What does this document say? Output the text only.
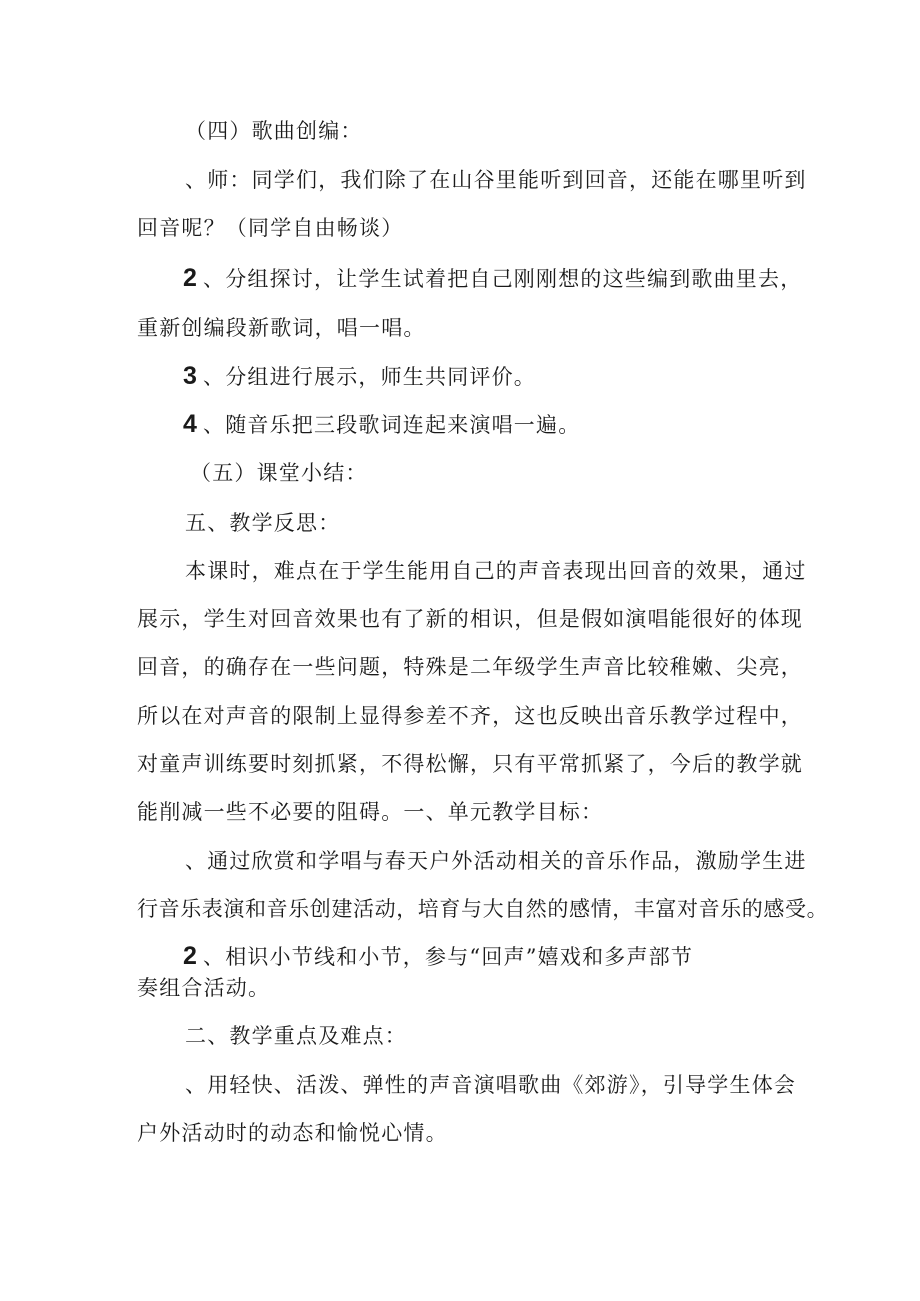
（四）歌曲创编：
、师：同学们，我们除了在山谷里能听到回音，还能在哪里听到
回音呢？（同学自由畅谈）
2 、分组探讨，让学生试着把自己刚刚想的这些编到歌曲里去，
重新创编段新歌词，唱一唱。
3 、分组进行展示，师生共同评价。
4 、随音乐把三段歌词连起来演唱一遍。
（五）课堂小结：
五、教学反思：
本课时，难点在于学生能用自己的声音表现出回音的效果，通过
展示，学生对回音效果也有了新的相识，但是假如演唱能很好的体现
回音，的确存在一些问题，特殊是二年级学生声音比较稚嫩、尖亮，
所以在对声音的限制上显得参差不齐，这也反映出音乐教学过程中，
对童声训练要时刻抓紧，不得松懈，只有平常抓紧了，今后的教学就
能削减一些不必要的阻碍。一、单元教学目标：
、通过欣赏和学唱与春天户外活动相关的音乐作品，激励学生进
行音乐表演和音乐创建活动，培育与大自然的感情，丰富对音乐的感受。
2 、相识小节线和小节，参与“回声”嬉戏和多声部节
奏组合活动。
二、教学重点及难点：
、用轻快、活泼、弹性的声音演唱歌曲《郊游》，引导学生体会
户外活动时的动态和愉悦心情。
